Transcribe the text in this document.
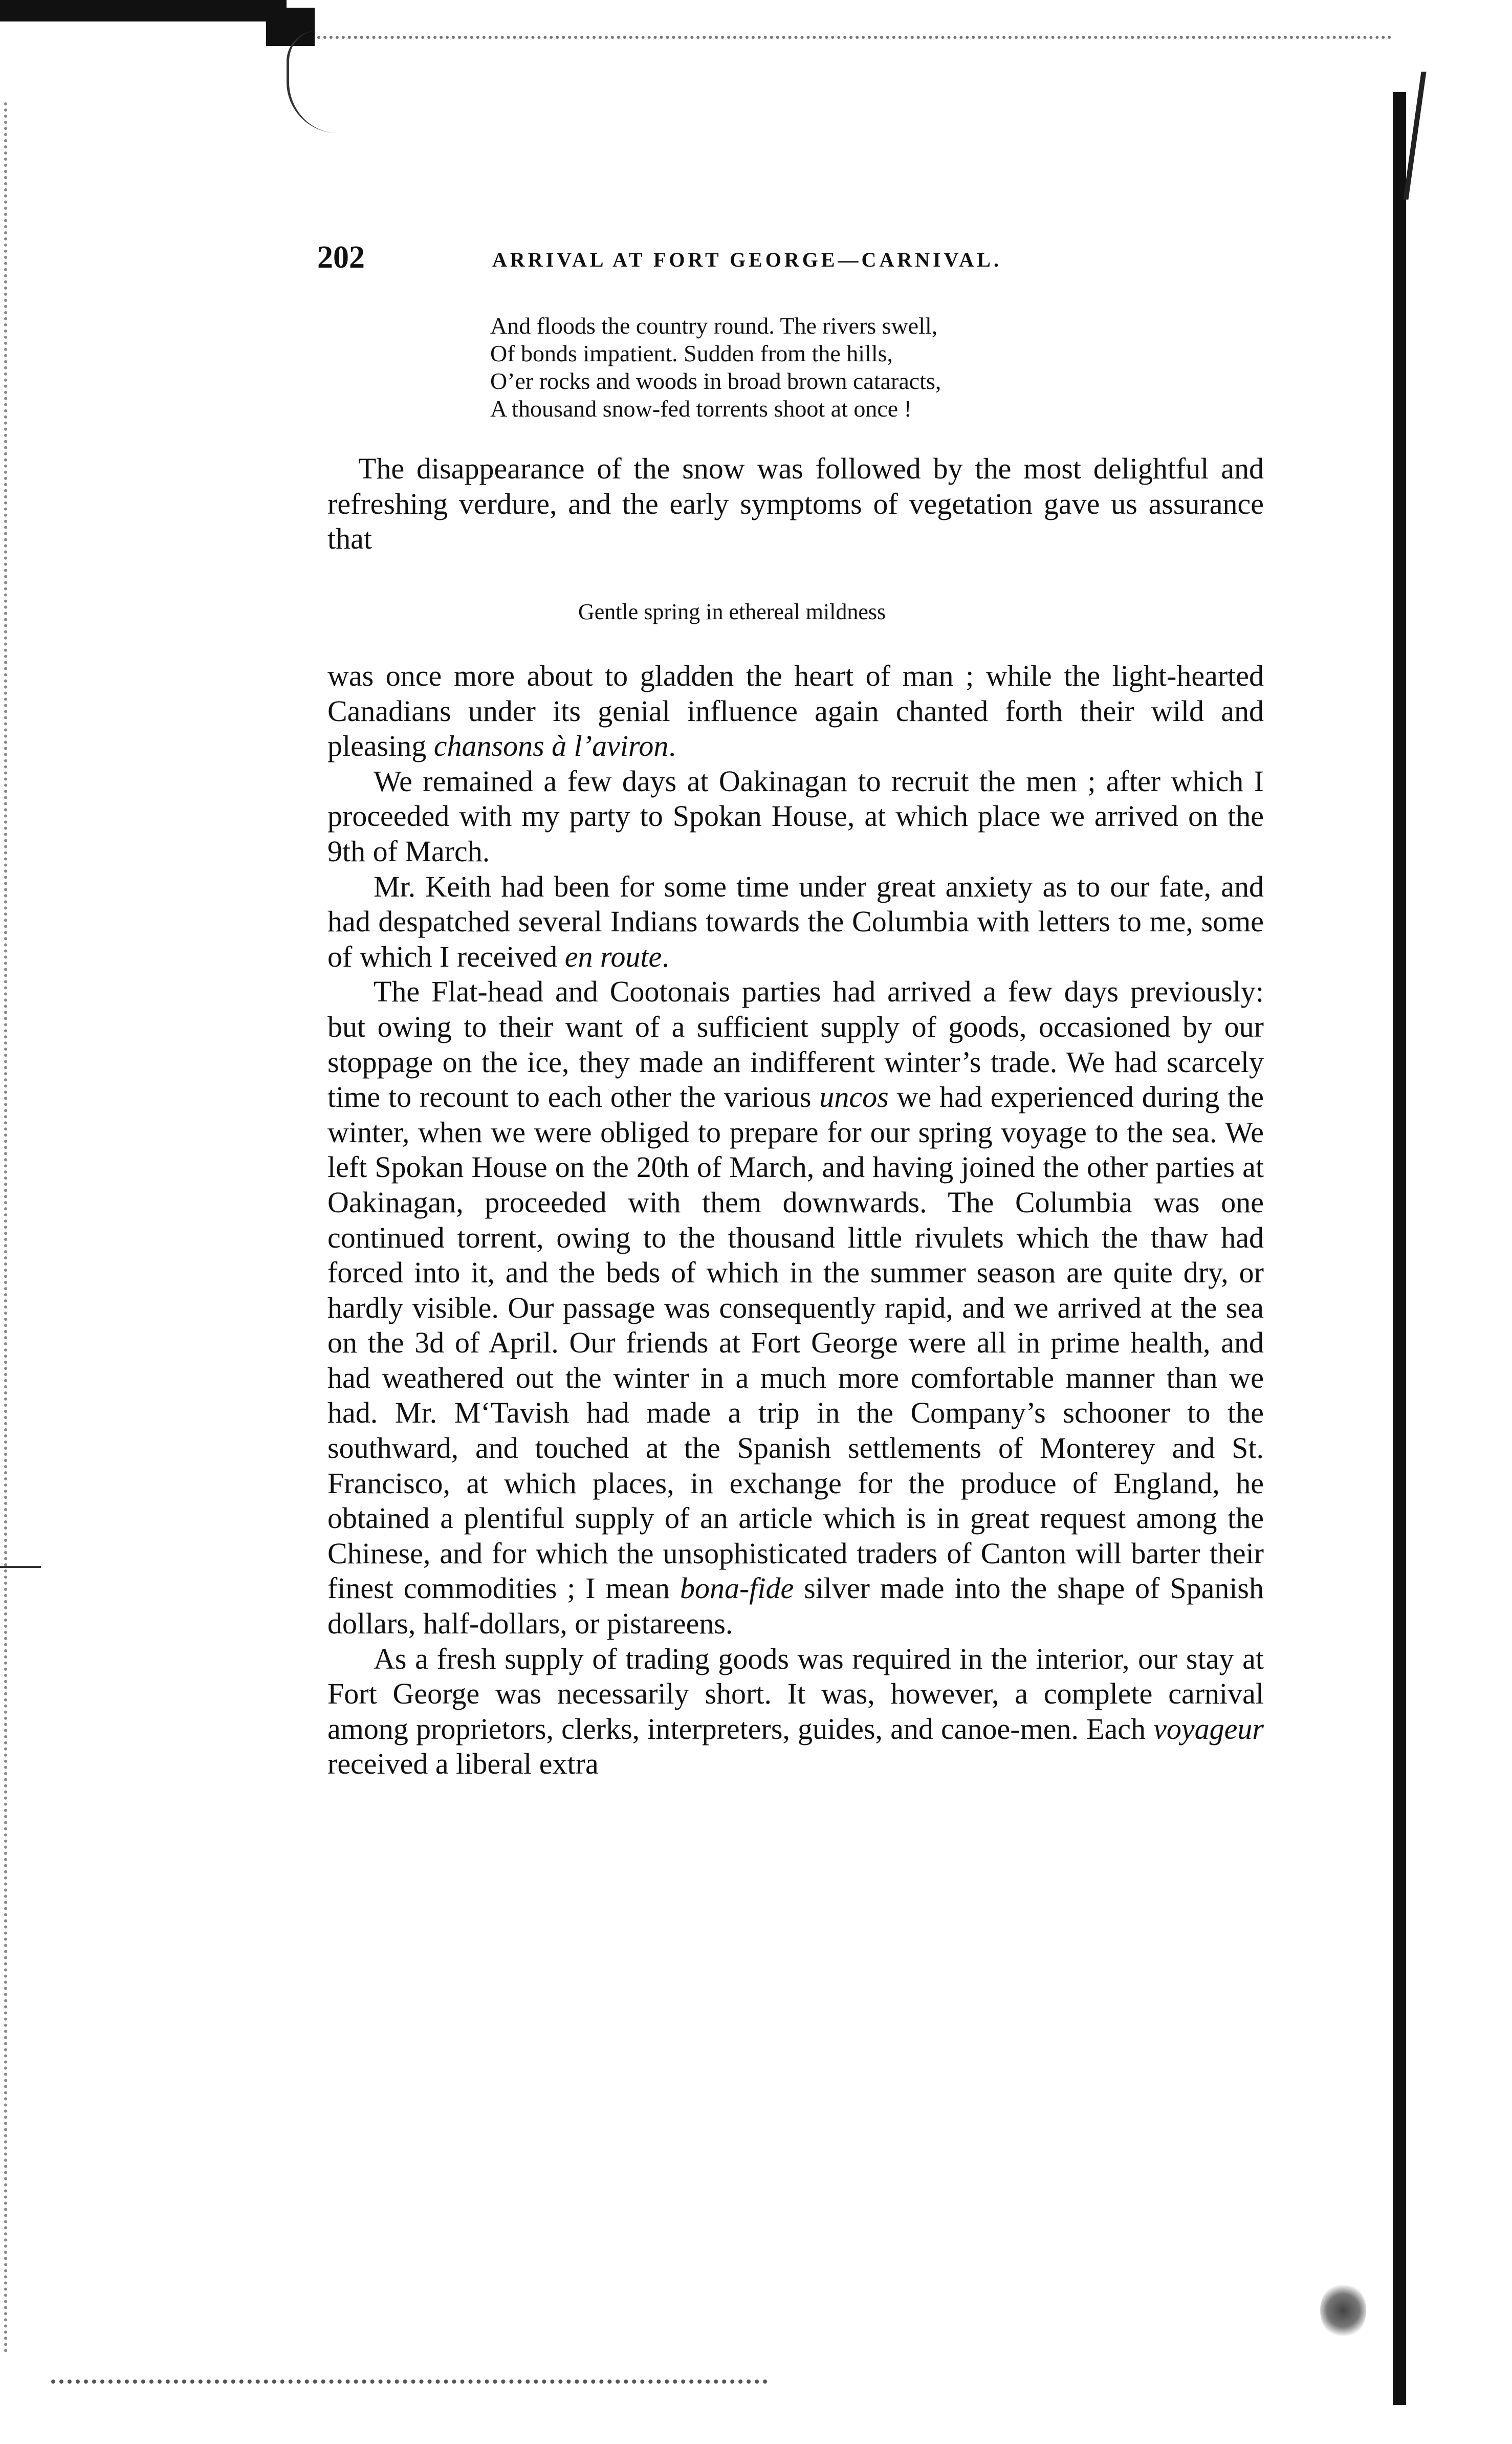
202	ARRIVAL AT FORT GEORGE—CARNIVAL.
And floods the country round. The rivers swell,
Of bonds impatient. Sudden from the hills,
O’er rocks and woods in broad brown cataracts,
A thousand snow-fed torrents shoot at once !
The disappearance of the snow was followed by the most delightful and refreshing verdure, and the early symptoms of vegetation gave us assurance that
Gentle spring in ethereal mildness

was once more about to gladden the heart of man ; while the light-hearted Canadians under its genial influence again chanted forth their wild and pleasing chansons à l’aviron.

We remained a few days at Oakinagan to recruit the men ; after which I proceeded with my party to Spokan House, at which place we arrived on the 9th of March.

Mr. Keith had been for some time under great anxiety as to our fate, and had despatched several Indians towards the Columbia with letters to me, some of which I received en route.

The Flat-head and Cootonais parties had arrived a few days previously: but owing to their want of a sufficient supply of goods, occasioned by our stoppage on the ice, they made an indifferent winter’s trade. We had scarcely time to recount to each other the various uncos we had experienced during the winter, when we were obliged to prepare for our spring voyage to the sea. We left Spokan House on the 20th of March, and having joined the other parties at Oakinagan, proceeded with them downwards. The Columbia was one continued torrent, owing to the thousand little rivulets which the thaw had forced into it, and the beds of which in the summer season are quite dry, or hardly visible. Our passage was consequently rapid, and we arrived at the sea on the 3d of April. Our friends at Fort George were all in prime health, and had weathered out the winter in a much more comfortable manner than we had. Mr. M‘Tavish had made a trip in the Company’s schooner to the southward, and touched at the Spanish settlements of Monterey and St. Francisco, at which places, in exchange for the produce of England, he obtained a plentiful supply of an article which is in great request among the Chinese, and for which the unsophisticated traders of Canton will barter their finest commodities ; I mean bona-fide silver made into the shape of Spanish dollars, half-dollars, or pistareens.

As a fresh supply of trading goods was required in the interior, our stay at Fort George was necessarily short. It was, however, a complete carnival among proprietors, clerks, interpreters, guides, and canoe-men. Each voyageur received a liberal extra
